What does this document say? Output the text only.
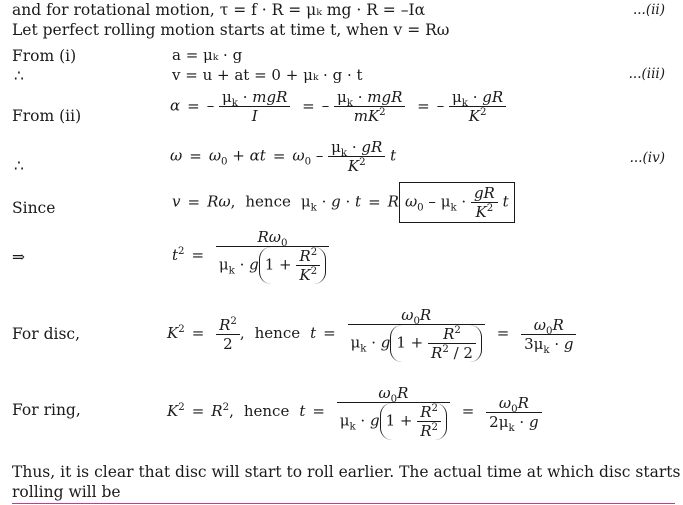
and for rotational motion, τ = f · R = μₖ mg · R = –Iα	...(ii)
Let perfect rolling motion starts at time t, when v = Rω
From (i)	a = μₖ · g
∴	v = u + at = 0 + μₖ · g · t	...(iii)
From (ii)
α = – $\frac{\mu_k \cdot mgR}{I}$ = – $\frac{\mu_k \cdot mgR}{mK^2}$ = – $\frac{\mu_k \cdot gR}{K^2}$
∴
$\omega = \omega_0 + \alpha t = \omega_0 - \frac{\mu_k \cdot gR}{K^2}$ t	...(iv)
Since	v = Rω, hence $\mu_k \cdot g \cdot t = R$ $\omega_0 - \mu_k \cdot \frac{gR}{K^2}$ t
⇒	$t^2 = \frac{R\omega_0}{\mu_k \cdot g 1 + \frac{R^2}{K^2}}$
For disc,	$K^2 = \frac{R^2}{2}$ , hence $t = \frac{\omega_0R}{\mu_k \cdot g 1 + \frac{R^2}{R^2 / 2}} = \frac{\omega_0R}{3\mu_k \cdot g}$
For ring,	$K^2 = R^2$, hence $t = \frac{\omega_0R}{\mu_k \cdot g 1 + \frac{R^2}{R^2}} = \frac{\omega_0R}{2\mu_k \cdot g}$
Thus, it is clear that disc will start to roll earlier. The actual time at which disc starts
rolling will be
